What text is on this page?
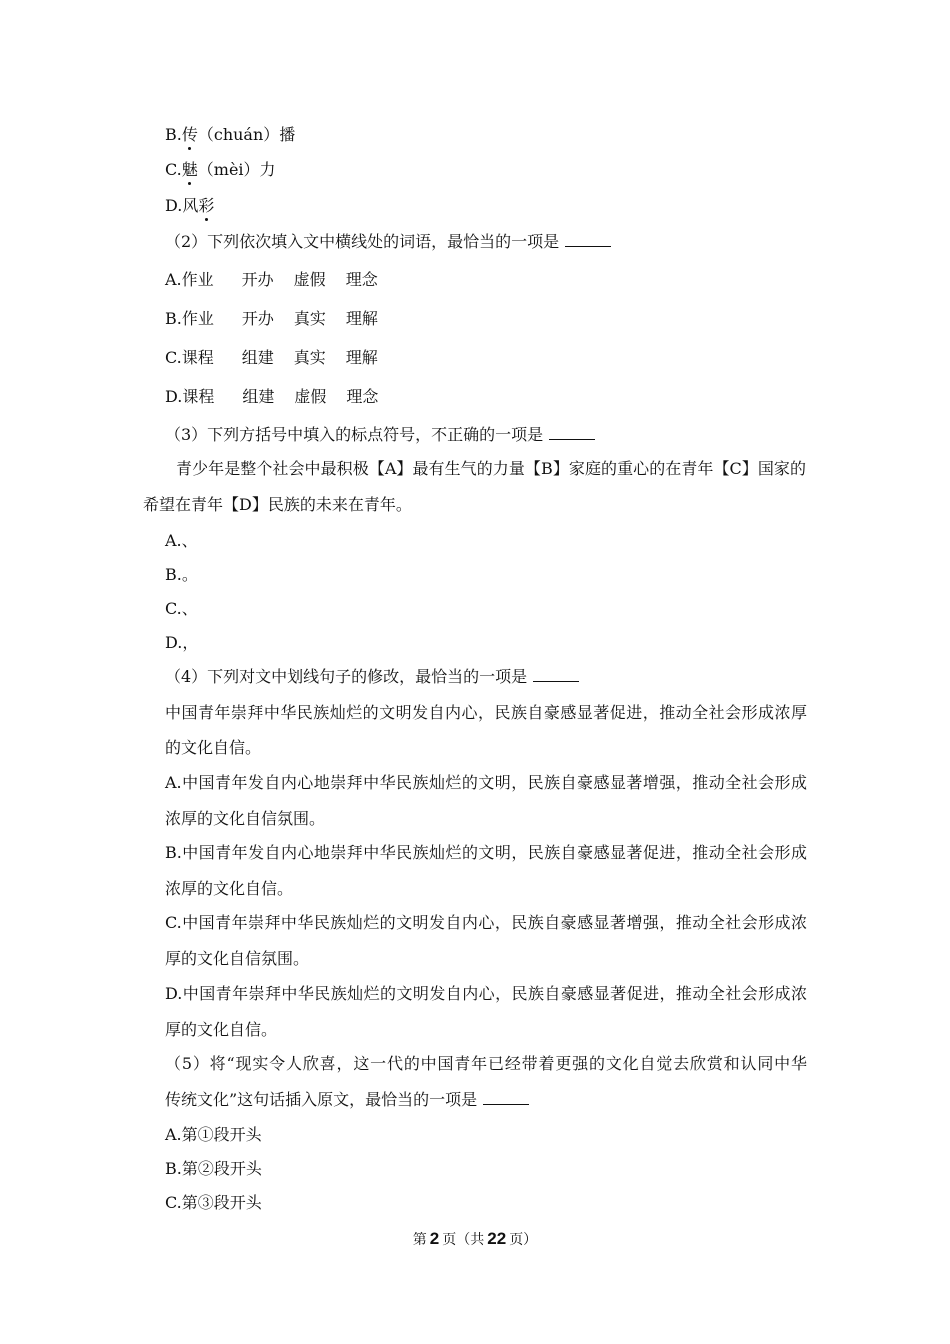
B.传（chuán）播
C.魅（mèi）力
D.风彩
（2）下列依次填入文中横线处的词语，最恰当的一项是
A.作业 开办 虚假 理念
B.作业 开办 真实 理解
C.课程 组建 真实 理解
D.课程 组建 虚假 理念
（3）下列方括号中填入的标点符号，不正确的一项是
青少年是整个社会中最积极【A】最有生气的力量【B】家庭的重心的在青年【C】国家的
希望在青年【D】民族的未来在青年。
A.、
B.。
C.、
D.，
（4）下列对文中划线句子的修改，最恰当的一项是
中国青年崇拜中华民族灿烂的文明发自内心，民族自豪感显著促进，推动全社会形成浓厚
的文化自信。
A.中国青年发自内心地崇拜中华民族灿烂的文明，民族自豪感显著增强，推动全社会形成
浓厚的文化自信氛围。
B.中国青年发自内心地崇拜中华民族灿烂的文明，民族自豪感显著促进，推动全社会形成
浓厚的文化自信。
C.中国青年崇拜中华民族灿烂的文明发自内心，民族自豪感显著增强，推动全社会形成浓
厚的文化自信氛围。
D.中国青年崇拜中华民族灿烂的文明发自内心，民族自豪感显著促进，推动全社会形成浓
厚的文化自信。
（5）将“现实令人欣喜，这一代的中国青年已经带着更强的文化自觉去欣赏和认同中华
传统文化”这句话插入原文，最恰当的一项是
A.第①段开头
B.第②段开头
C.第③段开头
第 2 页（共 22 页）
